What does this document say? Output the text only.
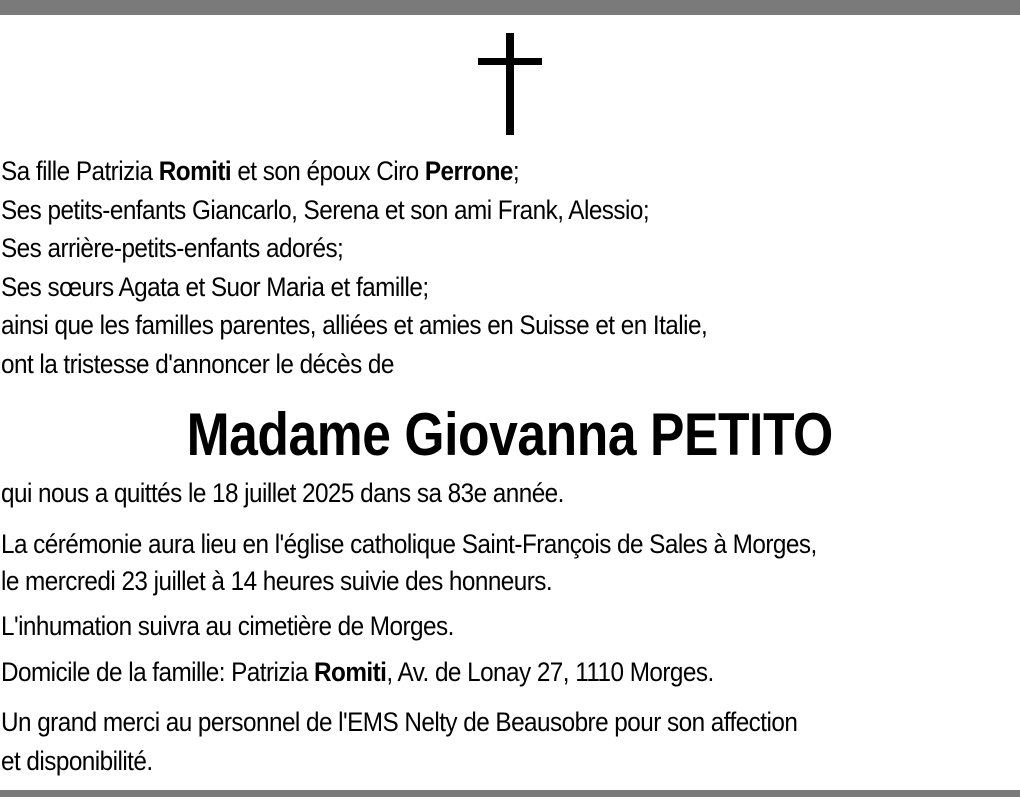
Sa fille Patrizia Romiti et son époux Ciro Perrone;
Ses petits-enfants Giancarlo, Serena et son ami Frank, Alessio;
Ses arrière-petits-enfants adorés;
Ses sœurs Agata et Suor Maria et famille;
ainsi que les familles parentes, alliées et amies en Suisse et en Italie,
ont la tristesse d'annoncer le décès de
Madame Giovanna PETITO
qui nous a quittés le 18 juillet 2025 dans sa 83e année.
La cérémonie aura lieu en l'église catholique Saint-François de Sales à Morges,
le mercredi 23 juillet à 14 heures suivie des honneurs.
L'inhumation suivra au cimetière de Morges.
Domicile de la famille: Patrizia Romiti, Av. de Lonay 27, 1110 Morges.
Un grand merci au personnel de l'EMS Nelty de Beausobre pour son affection
et disponibilité.
